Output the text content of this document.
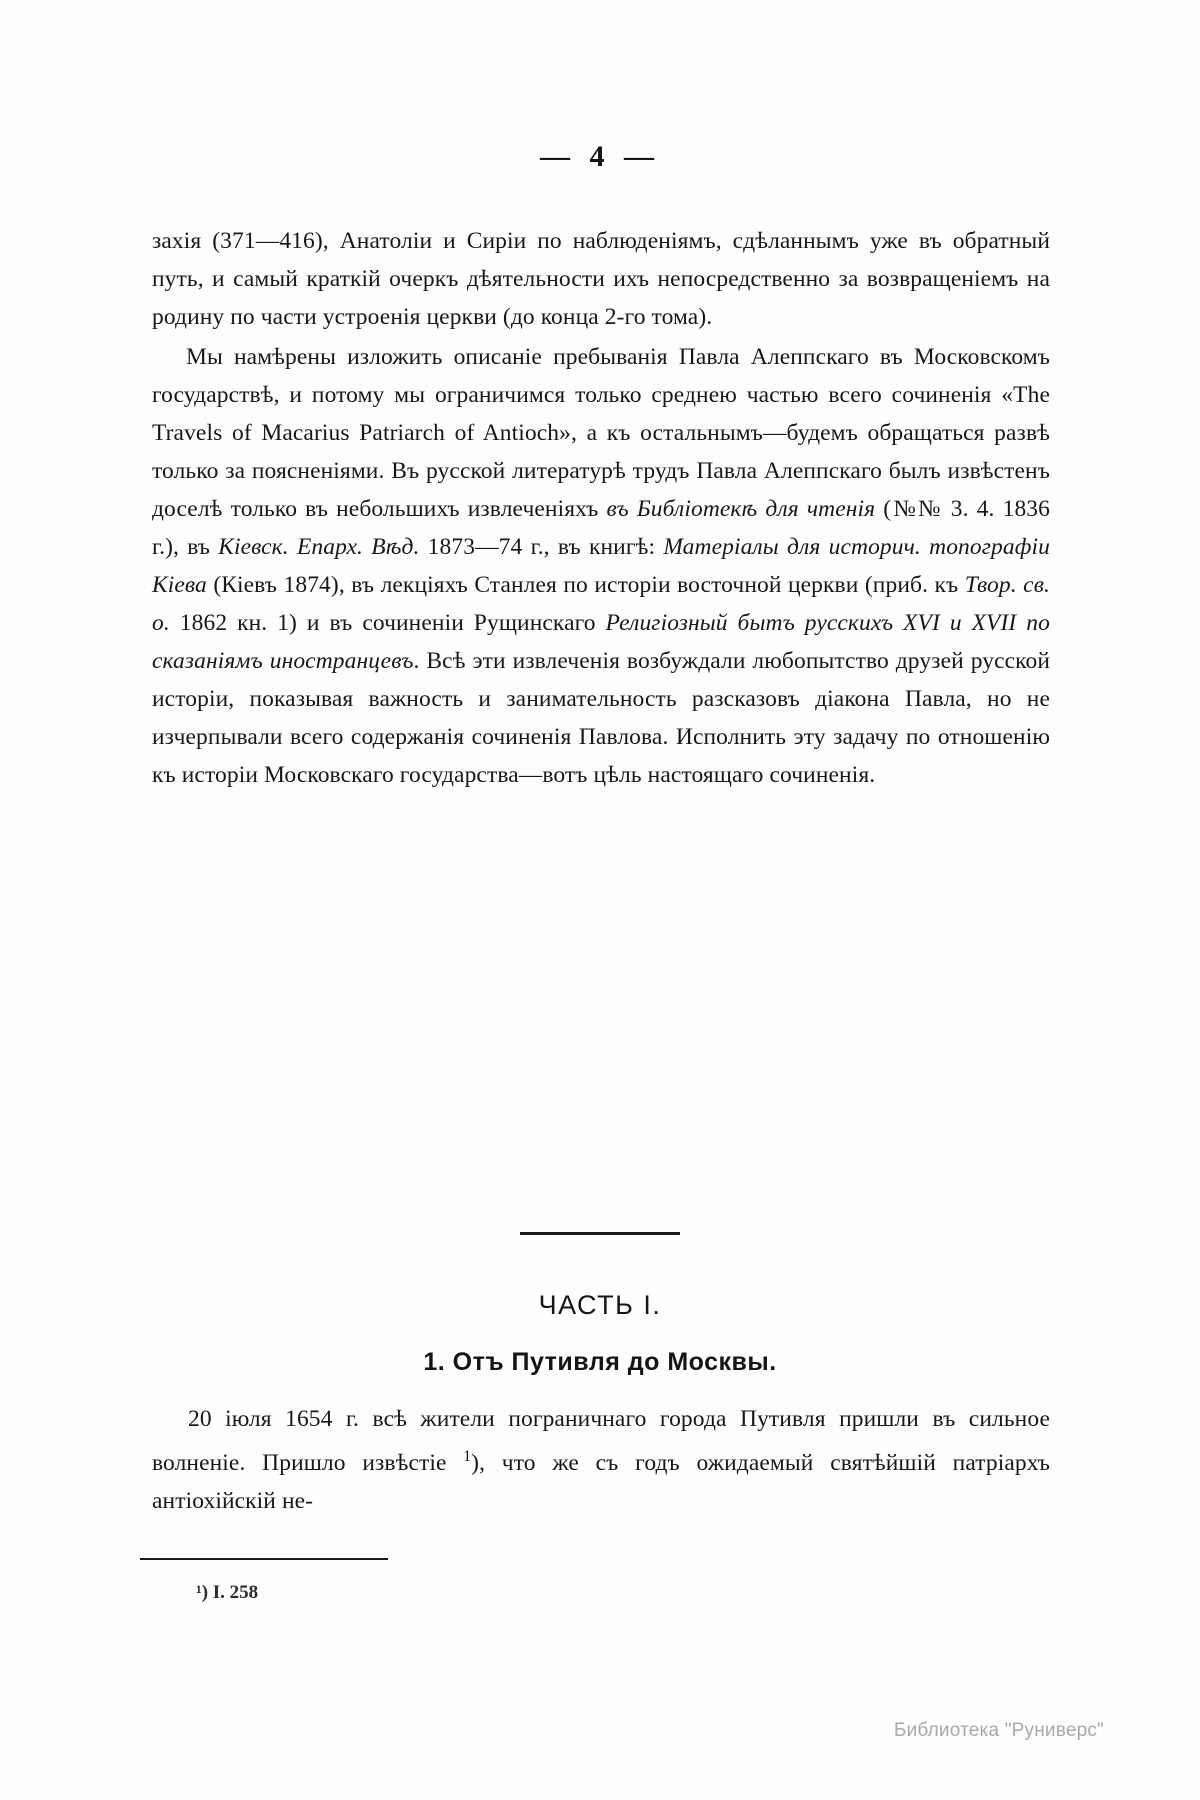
— 4 —

захія (371—416), Анатоліи и Сиріи по наблюденіямъ, сдѣланнымъ уже въ обратный путь, и самый краткій очеркъ дѣятельности ихъ непосредственно за возвращеніемъ на родину по части устроенія церкви (до конца 2-го тома).

Мы намѣрены изложить описаніе пребыванія Павла Алеппскаго въ Московскомъ государствѣ, и потому мы ограничимся только среднею частью всего сочиненія «The Travels of Macarius Patriarch of Antioch», а къ остальнымъ—будемъ обращаться развѣ только за поясненіями. Въ русской литературѣ трудъ Павла Алеппскаго былъ извѣстенъ доселѣ только въ небольшихъ извлеченіяхъ въ Библіотекѣ для чтенія (№№ 3. 4. 1836 г.), въ Кіевск. Епарх. Вѣд. 1873—74 г., въ книгѣ: Матеріалы для историч. топографіи Кіева (Кіевъ 1874), въ лекціяхъ Станлея по исторіи восточной церкви (приб. къ Твор. св. о. 1862 кн. 1) и въ сочиненіи Рущинскаго Религіозный бытъ русскихъ XVI и XVII по сказаніямъ иностранцевъ. Всѣ эти извлеченія возбуждали любопытство друзей русской исторіи, показывая важность и занимательность разсказовъ діакона Павла, но не изчерпывали всего содержанія сочиненія Павлова. Исполнить эту задачу по отношенію къ исторіи Московскаго государства—вотъ цѣль настоящаго сочиненія.

ЧАСТЬ I.
1. Отъ Путивля до Москвы.

20 іюля 1654 г. всѣ жители пограничнаго города Путивля пришли въ сильное волненіе. Пришло извѣстіе $^1$), что же съ годъ ожидаемый святѣйшій патріархъ антіохійскій не-

¹) I. 258
Библиотека "Руниверс"
